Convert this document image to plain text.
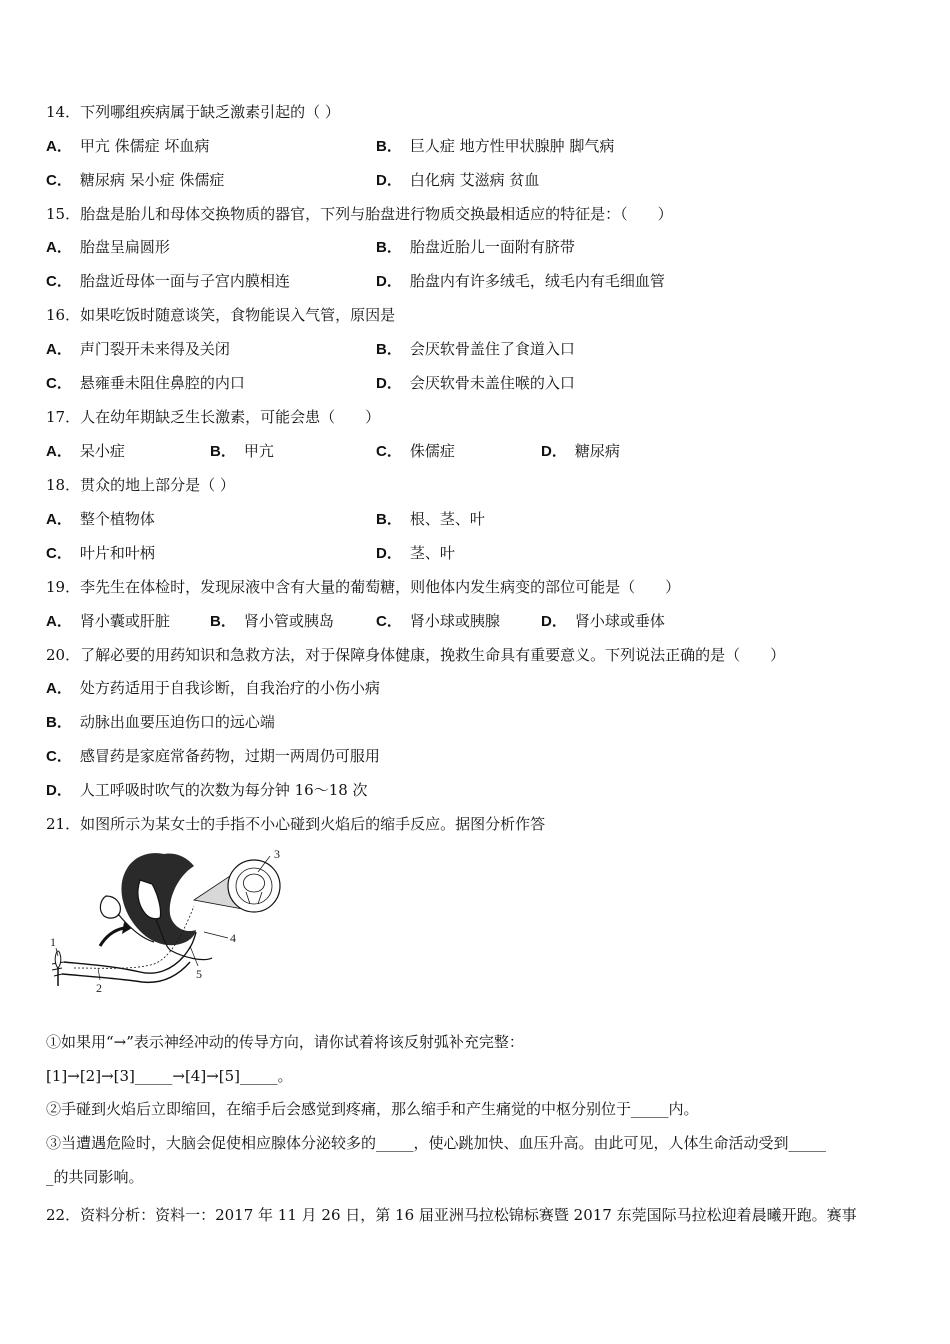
14．下列哪组疾病属于缺乏激素引起的（ ）
A． 甲亢 侏儒症 坏血病	B． 巨人症 地方性甲状腺肿 脚气病
C． 糖尿病 呆小症 侏儒症	D． 白化病 艾滋病 贫血
15．胎盘是胎儿和母体交换物质的器官，下列与胎盘进行物质交换最相适应的特征是：（　　）
A． 胎盘呈扁圆形	B． 胎盘近胎儿一面附有脐带
C． 胎盘近母体一面与子宫内膜相连	D． 胎盘内有许多绒毛，绒毛内有毛细血管
16．如果吃饭时随意谈笑，食物能误入气管，原因是
A． 声门裂开未来得及关闭	B． 会厌软骨盖住了食道入口
C． 悬雍垂未阻住鼻腔的内口	D． 会厌软骨未盖住喉的入口
17．人在幼年期缺乏生长激素，可能会患（　　）
A． 呆小症	B． 甲亢	C． 侏儒症	D． 糖尿病
18．贯众的地上部分是（ ）
A． 整个植物体	B． 根、茎、叶
C． 叶片和叶柄	D． 茎、叶
19．李先生在体检时，发现尿液中含有大量的葡萄糖，则他体内发生病变的部位可能是（　　）
A． 肾小囊或肝脏	B． 肾小管或胰岛	C． 肾小球或胰腺	D． 肾小球或垂体
20．了解必要的用药知识和急救方法，对于保障身体健康，挽救生命具有重要意义。下列说法正确的是（　　）
A． 处方药适用于自我诊断，自我治疗的小伤小病
B． 动脉出血要压迫伤口的远心端
C． 感冒药是家庭常备药物，过期一两周仍可服用
D． 人工呼吸时吹气的次数为每分钟 16～18 次
21．如图所示为某女士的手指不小心碰到火焰后的缩手反应。据图分析作答
1
2
3
4
5
①如果用“→”表示神经冲动的传导方向，请你试着将该反射弧补充完整：
[1]→[2]→[3]_____→[4]→[5]_____。
②手碰到火焰后立即缩回，在缩手后会感觉到疼痛，那么缩手和产生痛觉的中枢分别位于_____内。
③当遭遇危险时，大脑会促使相应腺体分泌较多的_____，使心跳加快、血压升高。由此可见，人体生命活动受到_____
_的共同影响。
22．资料分析：资料一：2017 年 11 月 26 日，第 16 届亚洲马拉松锦标赛暨 2017 东莞国际马拉松迎着晨曦开跑。赛事
